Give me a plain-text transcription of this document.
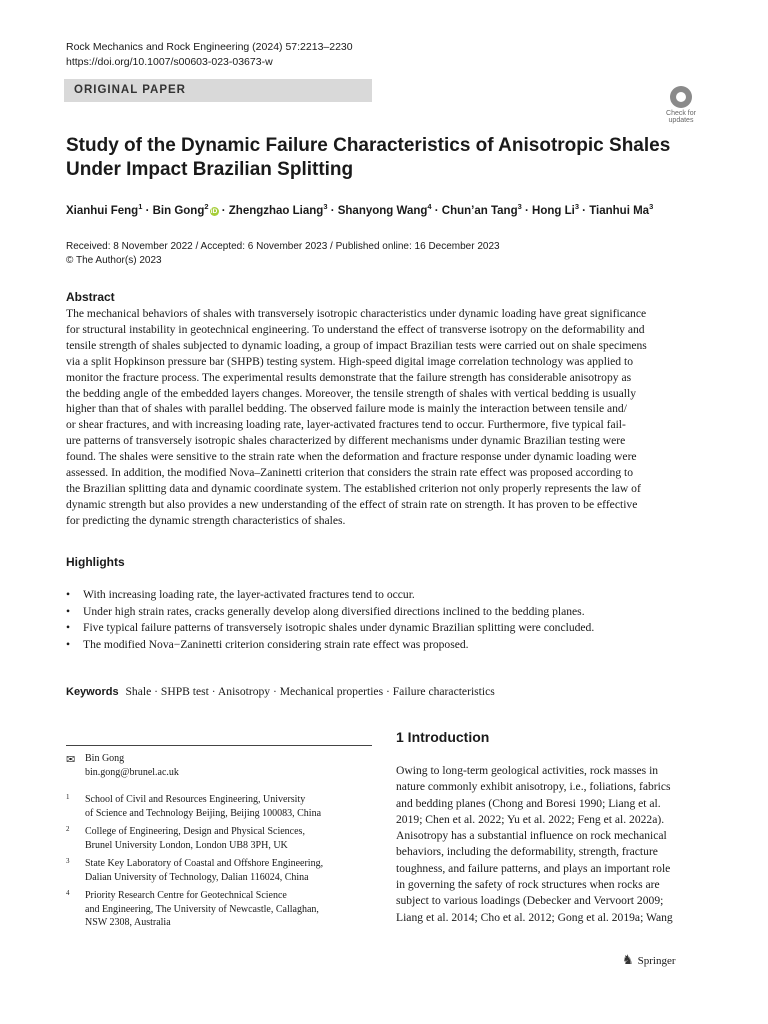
Rock Mechanics and Rock Engineering (2024) 57:2213–2230
https://doi.org/10.1007/s00603-023-03673-w
ORIGINAL PAPER
Check for
updates
Study of the Dynamic Failure Characteristics of Anisotropic Shales
Under Impact Brazilian Splitting
Xianhui Feng$^1$ · Bin Gong$^2$iD · Zhengzhao Liang$^3$ · Shanyong Wang$^4$ · Chun’an Tang$^3$ · Hong $Li^3$ · Tianhui Ma$^3$
Received: 8 November 2022 / Accepted: 6 November 2023 / Published online: 16 December 2023
© The Author(s) 2023
Abstract
The mechanical behaviors of shales with transversely isotropic characteristics under dynamic loading have great significance
for structural instability in geotechnical engineering. To understand the effect of transverse isotropy on the deformability and
tensile strength of shales subjected to dynamic loading, a group of impact Brazilian tests were carried out on shale specimens
via a split Hopkinson pressure bar (SHPB) testing system. High-speed digital image correlation technology was applied to
monitor the fracture process. The experimental results demonstrate that the failure strength has considerable anisotropy as
the bedding angle of the embedded layers changes. Moreover, the tensile strength of shales with vertical bedding is usually
higher than that of shales with parallel bedding. The observed failure mode is mainly the interaction between tensile and/
or shear fractures, and with increasing loading rate, layer-activated fractures tend to occur. Furthermore, five typical fail-
ure patterns of transversely isotropic shales characterized by different mechanisms under dynamic Brazilian testing were
found. The shales were sensitive to the strain rate when the deformation and fracture response under dynamic loading were
assessed. In addition, the modified Nova–Zaninetti criterion that considers the strain rate effect was proposed according to
the Brazilian splitting data and dynamic coordinate system. The established criterion not only properly represents the law of
dynamic strength but also provides a new understanding of the effect of strain rate on strength. It has proven to be effective
for predicting the dynamic strength characteristics of shales.
Highlights
• With increasing loading rate, the layer-activated fractures tend to occur.
• Under high strain rates, cracks generally develop along diversified directions inclined to the bedding planes.
• Five typical failure patterns of transversely isotropic shales under dynamic Brazilian splitting were concluded.
• The modified Nova−Zaninetti criterion considering strain rate effect was proposed.
Keywords Shale · SHPB test · Anisotropy · Mechanical properties · Failure characteristics
✉ Bin Gong
bin.gong@brunel.ac.uk
1 School of Civil and Resources Engineering, University
of Science and Technology Beijing, Beijing 100083, China
2 College of Engineering, Design and Physical Sciences,
Brunel University London, London UB8 3PH, UK
3 State Key Laboratory of Coastal and Offshore Engineering,
Dalian University of Technology, Dalian 116024, China
4 Priority Research Centre for Geotechnical Science
and Engineering, The University of Newcastle, Callaghan,
NSW 2308, Australia
1 Introduction
Owing to long-term geological activities, rock masses in
nature commonly exhibit anisotropy, i.e., foliations, fabrics
and bedding planes (Chong and Boresi 1990; Liang et al.
2019; Chen et al. 2022; Yu et al. 2022; Feng et al. 2022a).
Anisotropy has a substantial influence on rock mechanical
behaviors, including the deformability, strength, fracture
toughness, and failure patterns, and plays an important role
in governing the safety of rock structures when rocks are
subject to various loadings (Debecker and Vervoort 2009;
Liang et al. 2014; Cho et al. 2012; Gong et al. 2019a; Wang
♞ Springer
